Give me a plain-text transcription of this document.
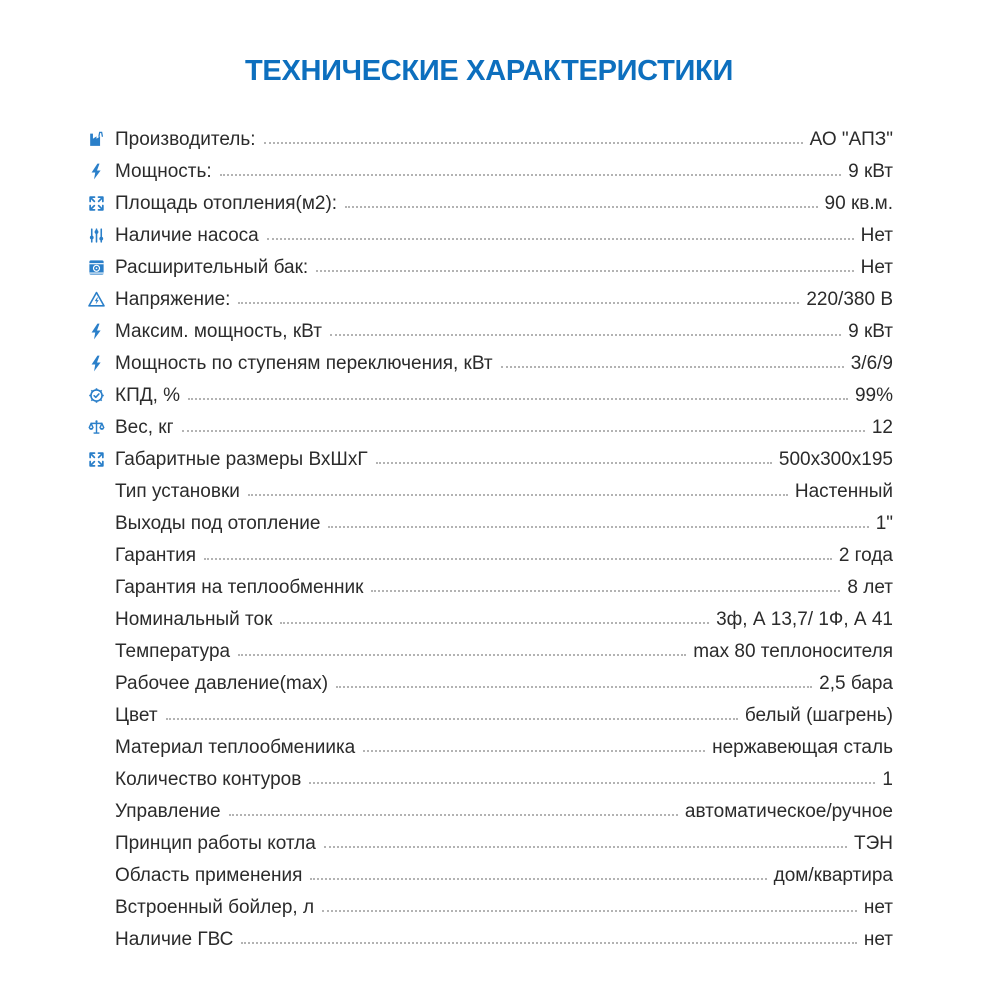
ТЕХНИЧЕСКИЕ ХАРАКТЕРИСТИКИ
Производитель:	АО "АПЗ"
Мощность:	9 кВт
Площадь отопления(м2):	90 кв.м.
Наличие насоса	Нет
Расширительный бак:	Нет
Напряжение:	220/380 В
Максим. мощность, кВт	9 кВт
Мощность по ступеням переключения, кВт	3/6/9
КПД, %	99%
Вес, кг	12
Габаритные размеры ВхШхГ	500х300х195
Тип установки	Настенный
Выходы под отопление	1"
Гарантия	2 года
Гарантия на теплообменник	8 лет
Номинальный ток	3ф, А 13,7/ 1Ф, А 41
Температура	max 80 теплоносителя
Рабочее давление(max)	2,5 бара
Цвет	белый (шагрень)
Материал теплообмениика	нержавеющая сталь
Количество контуров	1
Управление	автоматическое/ручное
Принцип работы котла	ТЭН
Область применения	дом/квартира
Встроенный бойлер, л	нет
Наличие ГВС	нет
